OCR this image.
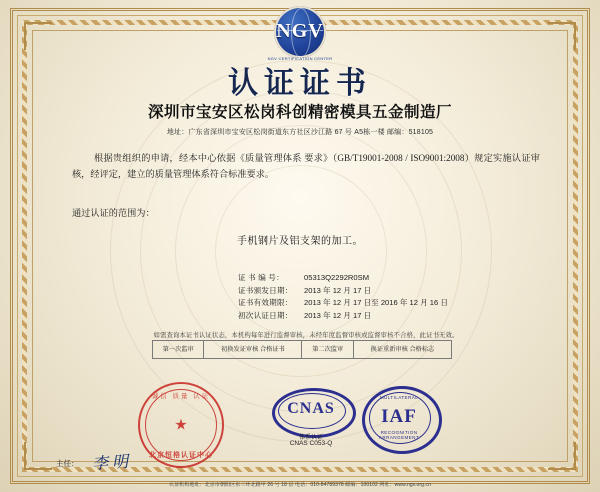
NGV
NGV CERTIFICATION CENTER
认证证书
深圳市宝安区松岗科创精密模具五金制造厂
地址：广东省深圳市宝安区松岗街道东方社区沙江路 67 号 A5栋一楼 邮编：518105

根据贵组织的申请，经本中心依据《质量管理体系 要求》（GB/T19001-2008 / ISO9001:2008）规定实施认证审核，经评定，建立的质量管理体系符合标准要求。

通过认证的范围为：
手机钢片及铝支架的加工。
证 书 编 号：	05313Q2292R0SM
证书颁发日期： 2013 年 12 月 17 日
证书有效期限： 2013 年 12 月 17 日至 2016 年 12 月 16 日
初次认证日期： 2013 年 12 月 17 日
如需查询本证书认证状态，本机构每年进行监督审核，未经年度监督审核或监督审核不合格，此证书无效。
第一次监审	初换发证审核 合格证书	第二次监审	换证重新审核 合格标志
诚信 质量 认证
★
北京恒格认证中心
CNAS
体系认证
CNAS C053-Q
MULTILATERAL
IAF
RECOGNITION ARRANGEMENT
主任： 李 明
认证机构地址：北京市朝阳区东三环北路甲 26 号 18 层 电话：010-84789378 邮编：100102 网址：www.ngv.org.cn
